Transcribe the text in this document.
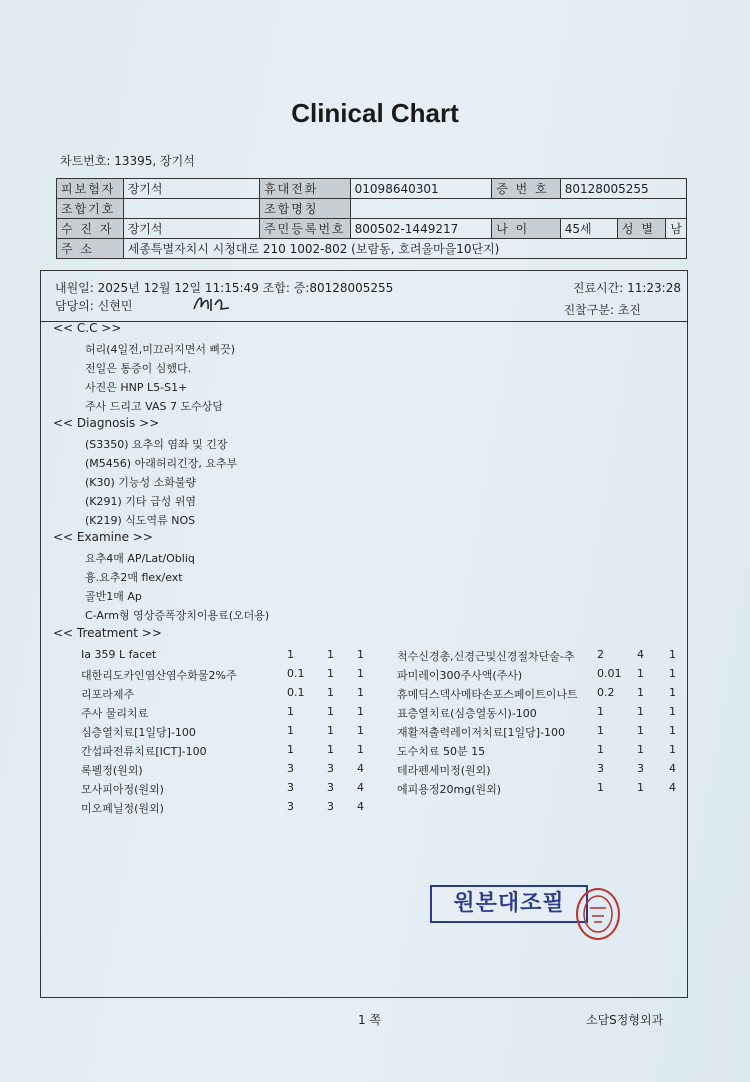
Clinical Chart
차트번호: 13395, 장기석
피보험자	장기석	휴대전화	01098640301	증 번 호	80128005255		
조합기호		조합명칭					
수 진 자	장기석	주민등록번호	800502-1449217	나 이	45세	성 별	남
주 소	세종특별자치시 시청대로 210 1002-802 (보람동, 호려울마을10단지)						
내원일: 2025년 12월 12일 11:15:49 조합: 증:80128005255	진료시간: 11:23:28
담당의: 신현민	진찰구분: 초진
<< C.C >>
허리(4일전,미끄러지면서 삐끗)
전일은 통증이 심했다.
사진은 HNP L5-S1+
주사 드리고 VAS 7 도수상담
<< Diagnosis >>
(S3350) 요추의 염좌 및 긴장
(M5456) 아래허리긴장, 요추부
(K30) 기능성 소화불량
(K291) 기타 급성 위염
(K219) 식도역류 NOS
<< Examine >>
요추4매 AP/Lat/Obliq
흉.요추2매 flex/ext
골반1매 Ap
C-Arm형 영상증폭장치이용료(오더용)
<< Treatment >>
Ia 359 L facet	1	1 1
대한리도카인염산염수화물2%주	0.1 1 1
리포라제주	0.1 1 1
주사 물리치료	1	1 1
심층열치료[1일당]-100	1	1 1
간섭파전류치료[ICT]-100	1	1 1
록펠정(원외)	3	3 4
모사피아정(원외)	3	3 4
미오페닐정(원외)	3	3 4
척수신경총,신경근및신경절차단술-추 2	4 1
파미레이300주사액(주사)	0.01 1 1
휴메딕스덱사메타손포스페이트이나트 0.2 1 1
표층열치료(심층열동시)-100	1	1 1
재활저출력레이저치료[1일당]-100	1	1 1
도수치료 50분 15	1	1 1
테라펜세미정(원외)	3	3 4
에피용정20mg(원외)	1	1 4
원본대조필
1 쪽	소담S정형외과
